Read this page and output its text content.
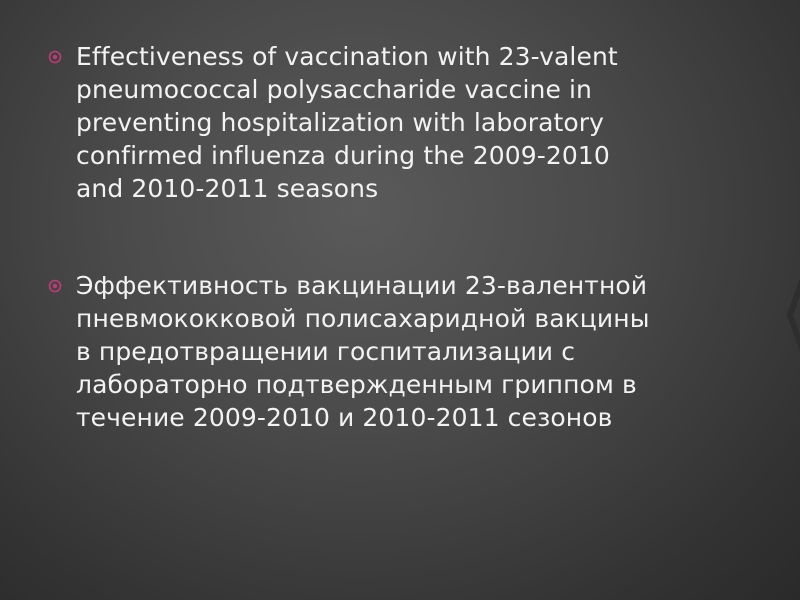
Effectiveness of vaccination with 23-valent
pneumococcal polysaccharide vaccine in
preventing hospitalization with laboratory
confirmed influenza during the 2009-2010
and 2010-2011 seasons
Эффективность вакцинации 23-валентной
пневмококковой полисахаридной вакцины
в предотвращении госпитализации с
лабораторно подтвержденным гриппом в
течение 2009-2010 и 2010-2011 сезонов
